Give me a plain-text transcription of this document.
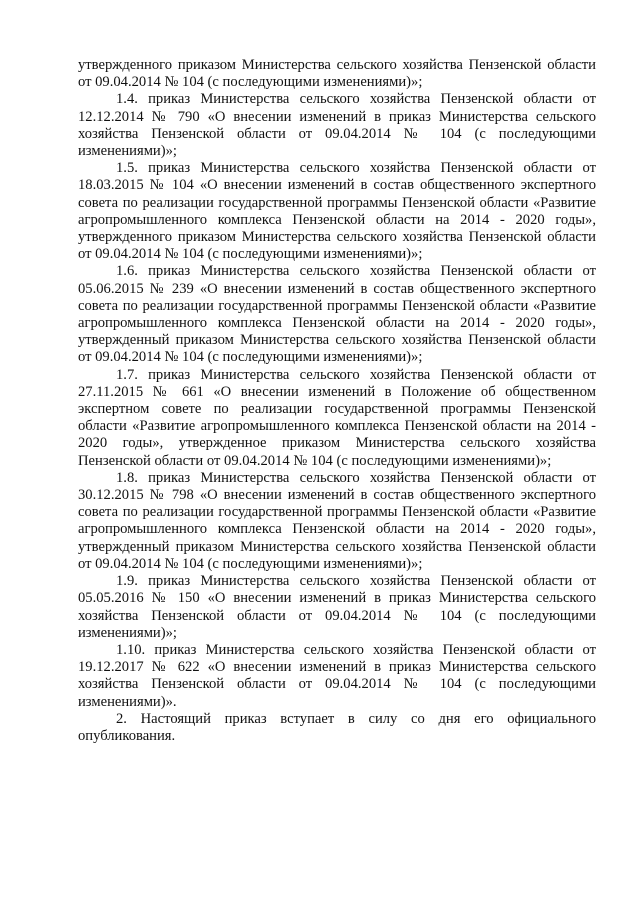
утвержденного приказом Министерства сельского хозяйства Пензенской области от 09.04.2014 № 104 (с последующими изменениями)»;

1.4. приказ Министерства сельского хозяйства Пензенской области от 12.12.2014 № 790 «О внесении изменений в приказ Министерства сельского хозяйства Пензенской области от 09.04.2014 № 104 (с последующими изменениями)»;

1.5. приказ Министерства сельского хозяйства Пензенской области от 18.03.2015 № 104 «О внесении изменений в состав общественного экспертного совета по реализации государственной программы Пензенской области «Развитие агропромышленного комплекса Пензенской области на 2014 - 2020 годы», утвержденного приказом Министерства сельского хозяйства Пензенской области от 09.04.2014 № 104 (с последующими изменениями)»;

1.6. приказ Министерства сельского хозяйства Пензенской области от 05.06.2015 № 239 «О внесении изменений в состав общественного экспертного совета по реализации государственной программы Пензенской области «Развитие агропромышленного комплекса Пензенской области на 2014 - 2020 годы», утвержденный приказом Министерства сельского хозяйства Пензенской области от 09.04.2014 № 104 (с последующими изменениями)»;

1.7. приказ Министерства сельского хозяйства Пензенской области от 27.11.2015 № 661 «О внесении изменений в Положение об общественном экспертном совете по реализации государственной программы Пензенской области «Развитие агропромышленного комплекса Пензенской области на 2014 - 2020 годы», утвержденное приказом Министерства сельского хозяйства Пензенской области от 09.04.2014 № 104 (с последующими изменениями)»;

1.8. приказ Министерства сельского хозяйства Пензенской области от 30.12.2015 № 798 «О внесении изменений в состав общественного экспертного совета по реализации государственной программы Пензенской области «Развитие агропромышленного комплекса Пензенской области на 2014 - 2020 годы», утвержденный приказом Министерства сельского хозяйства Пензенской области от 09.04.2014 № 104 (с последующими изменениями)»;

1.9. приказ Министерства сельского хозяйства Пензенской области от 05.05.2016 № 150 «О внесении изменений в приказ Министерства сельского хозяйства Пензенской области от 09.04.2014 № 104 (с последующими изменениями)»;

1.10. приказ Министерства сельского хозяйства Пензенской области от 19.12.2017 № 622 «О внесении изменений в приказ Министерства сельского хозяйства Пензенской области от 09.04.2014 № 104 (с последующими изменениями)».

2. Настоящий приказ вступает в силу со дня его официального опубликования.
